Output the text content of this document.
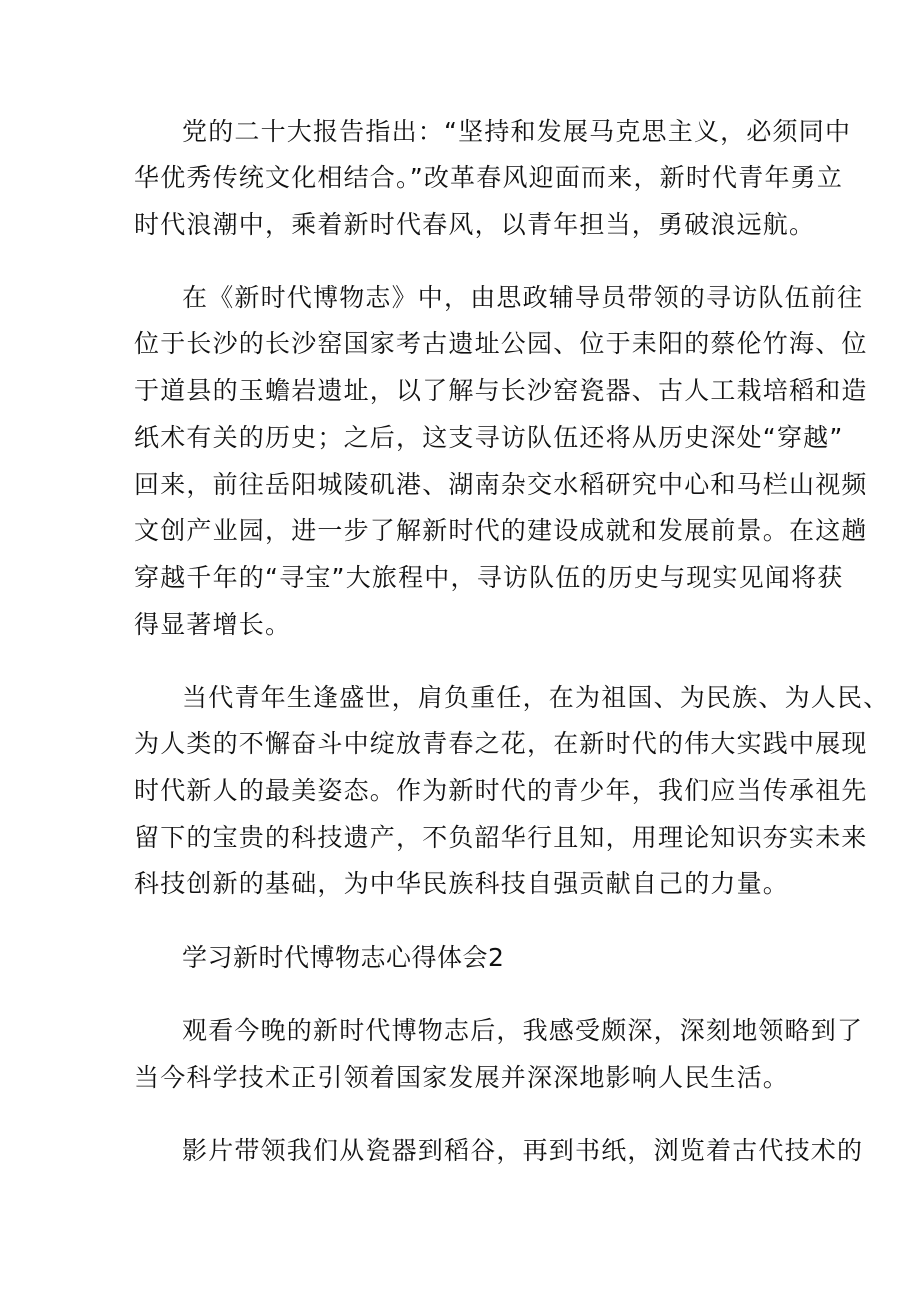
党的二十大报告指出：“坚持和发展马克思主义，必须同中

华优秀传统文化相结合。”改革春风迎面而来，新时代青年勇立

时代浪潮中，乘着新时代春风，以青年担当，勇破浪远航。

在《新时代博物志》中，由思政辅导员带领的寻访队伍前往

位于长沙的长沙窑国家考古遗址公园、位于耒阳的蔡伦竹海、位

于道县的玉蟾岩遗址，以了解与长沙窑瓷器、古人工栽培稻和造

纸术有关的历史；之后，这支寻访队伍还将从历史深处“穿越”

回来，前往岳阳城陵矶港、湖南杂交水稻研究中心和马栏山视频

文创产业园，进一步了解新时代的建设成就和发展前景。在这趟

穿越千年的“寻宝”大旅程中，寻访队伍的历史与现实见闻将获

得显著增长。

当代青年生逢盛世，肩负重任，在为祖国、为民族、为人民、

为人类的不懈奋斗中绽放青春之花，在新时代的伟大实践中展现

时代新人的最美姿态。作为新时代的青少年，我们应当传承祖先

留下的宝贵的科技遗产，不负韶华行且知，用理论知识夯实未来

科技创新的基础，为中华民族科技自强贡献自己的力量。

学习新时代博物志心得体会2

观看今晚的新时代博物志后，我感受颇深，深刻地领略到了

当今科学技术正引领着国家发展并深深地影响人民生活。

影片带领我们从瓷器到稻谷，再到书纸，浏览着古代技术的
